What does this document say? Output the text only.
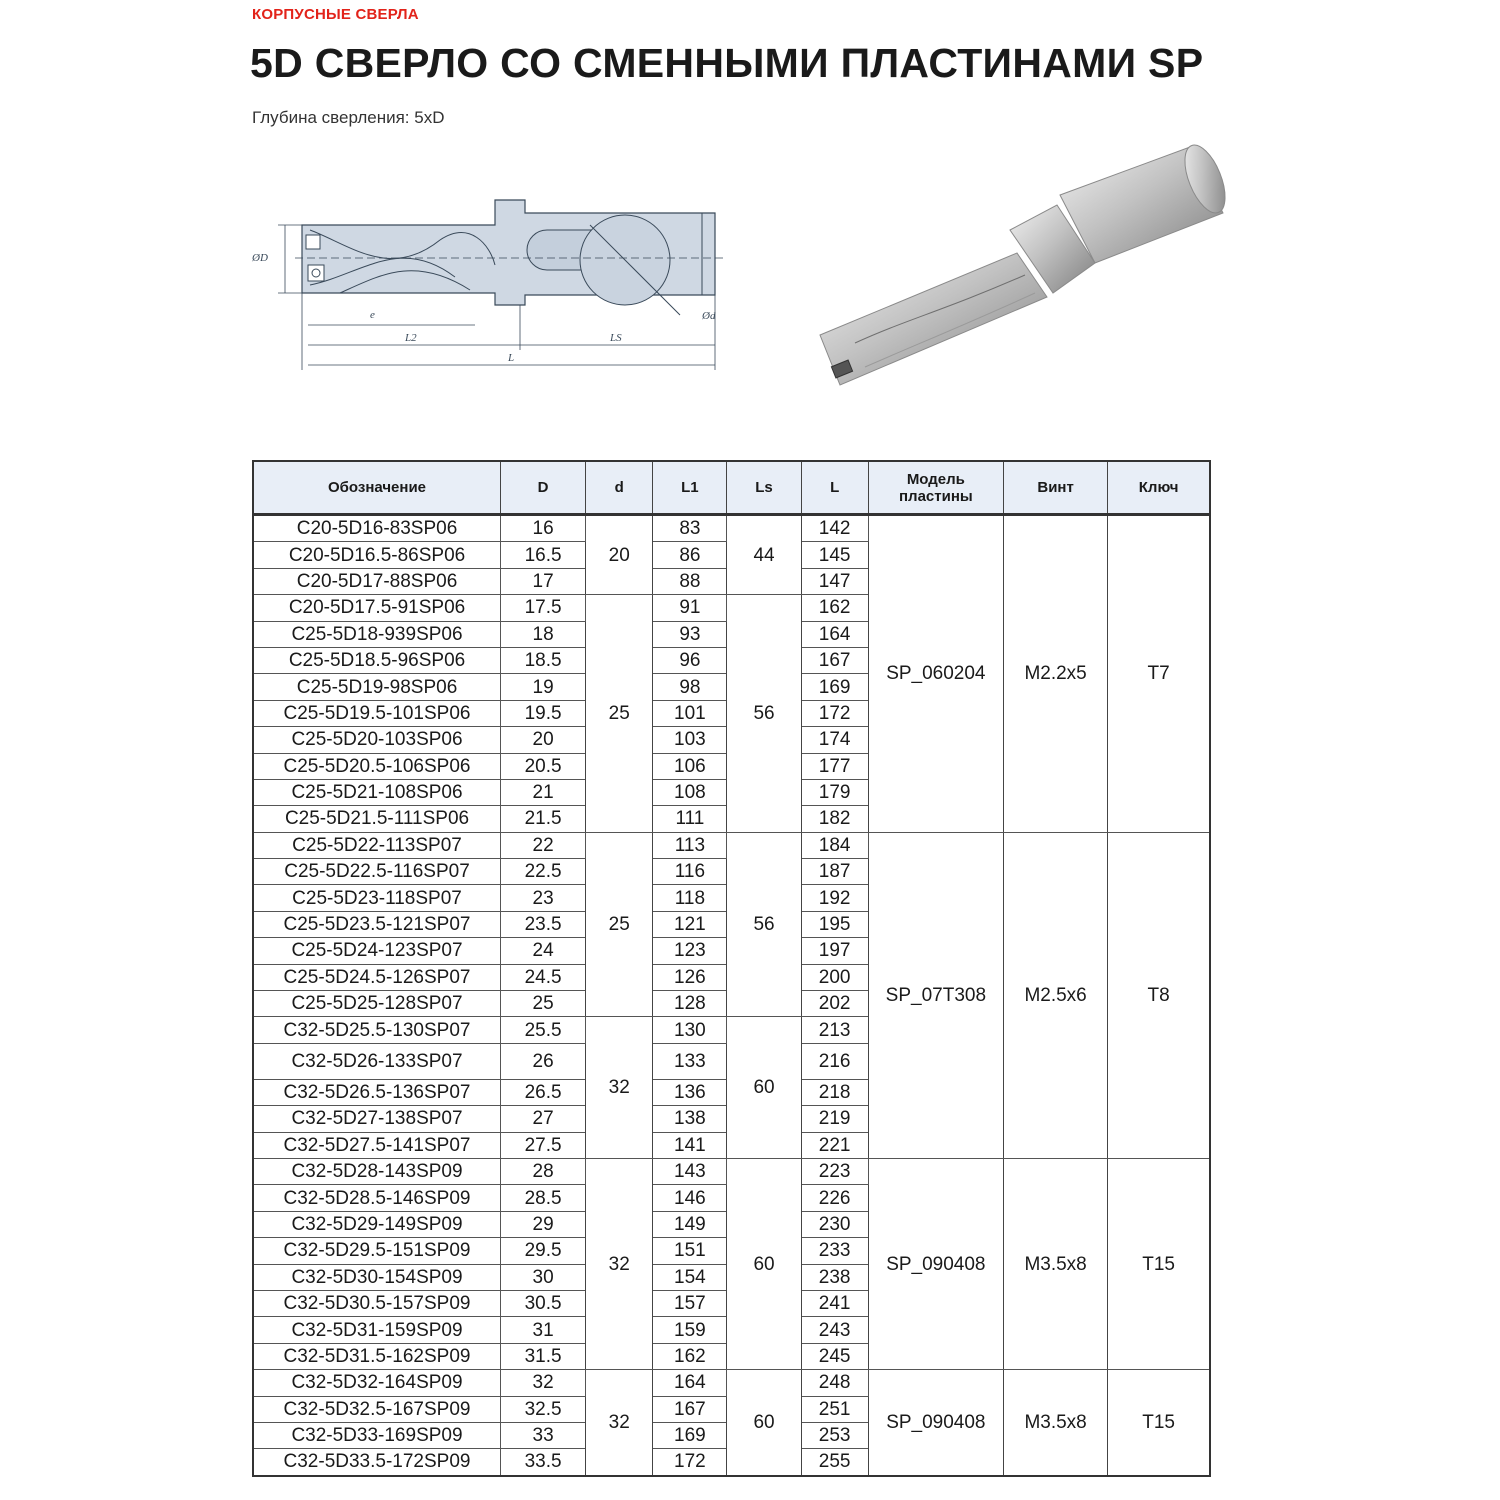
КОРПУСНЫЕ СВЕРЛА
5D СВЕРЛО СО СМЕННЫМИ ПЛАСТИНАМИ SP
Глубина сверления: 5xD
ØD
e
L2	LS
L
Ød
Обозначение	D	d	L1	Ls	L	Модель пластины	Винт	Ключ
C20-5D16-83SP06	16	20	83	44	142	SP_060204	M2.2x5	T7
C20-5D16.5-86SP06	16.5		86		145			
C20-5D17-88SP06	17		88		147			
C20-5D17.5-91SP06	17.5	25	91	56	162			
C25-5D18-939SP06	18		93		164			
C25-5D18.5-96SP06	18.5		96		167			
C25-5D19-98SP06	19		98		169			
C25-5D19.5-101SP06	19.5		101		172			
C25-5D20-103SP06	20		103		174			
C25-5D20.5-106SP06	20.5		106		177			
C25-5D21-108SP06	21		108		179			
C25-5D21.5-111SP06	21.5		111		182			
C25-5D22-113SP07	22	25	113	56	184	SP_07T308	M2.5x6	T8
C25-5D22.5-116SP07	22.5		116		187			
C25-5D23-118SP07	23		118		192			
C25-5D23.5-121SP07	23.5		121		195			
C25-5D24-123SP07	24		123		197			
C25-5D24.5-126SP07	24.5		126		200			
C25-5D25-128SP07	25		128		202			
C32-5D25.5-130SP07	25.5	32	130	60	213			
C32-5D26-133SP07	26		133		216			
C32-5D26.5-136SP07	26.5		136		218			
C32-5D27-138SP07	27		138		219			
C32-5D27.5-141SP07	27.5		141		221			
C32-5D28-143SP09	28	32	143	60	223	SP_090408	M3.5x8	T15
C32-5D28.5-146SP09	28.5		146		226			
C32-5D29-149SP09	29		149		230			
C32-5D29.5-151SP09	29.5		151		233			
C32-5D30-154SP09	30		154		238			
C32-5D30.5-157SP09	30.5		157		241			
C32-5D31-159SP09	31		159		243			
C32-5D31.5-162SP09	31.5		162		245			
C32-5D32-164SP09	32	32	164	60	248	SP_090408	M3.5x8	T15
C32-5D32.5-167SP09	32.5		167		251			
C32-5D33-169SP09	33		169		253			
C32-5D33.5-172SP09	33.5		172		255			
